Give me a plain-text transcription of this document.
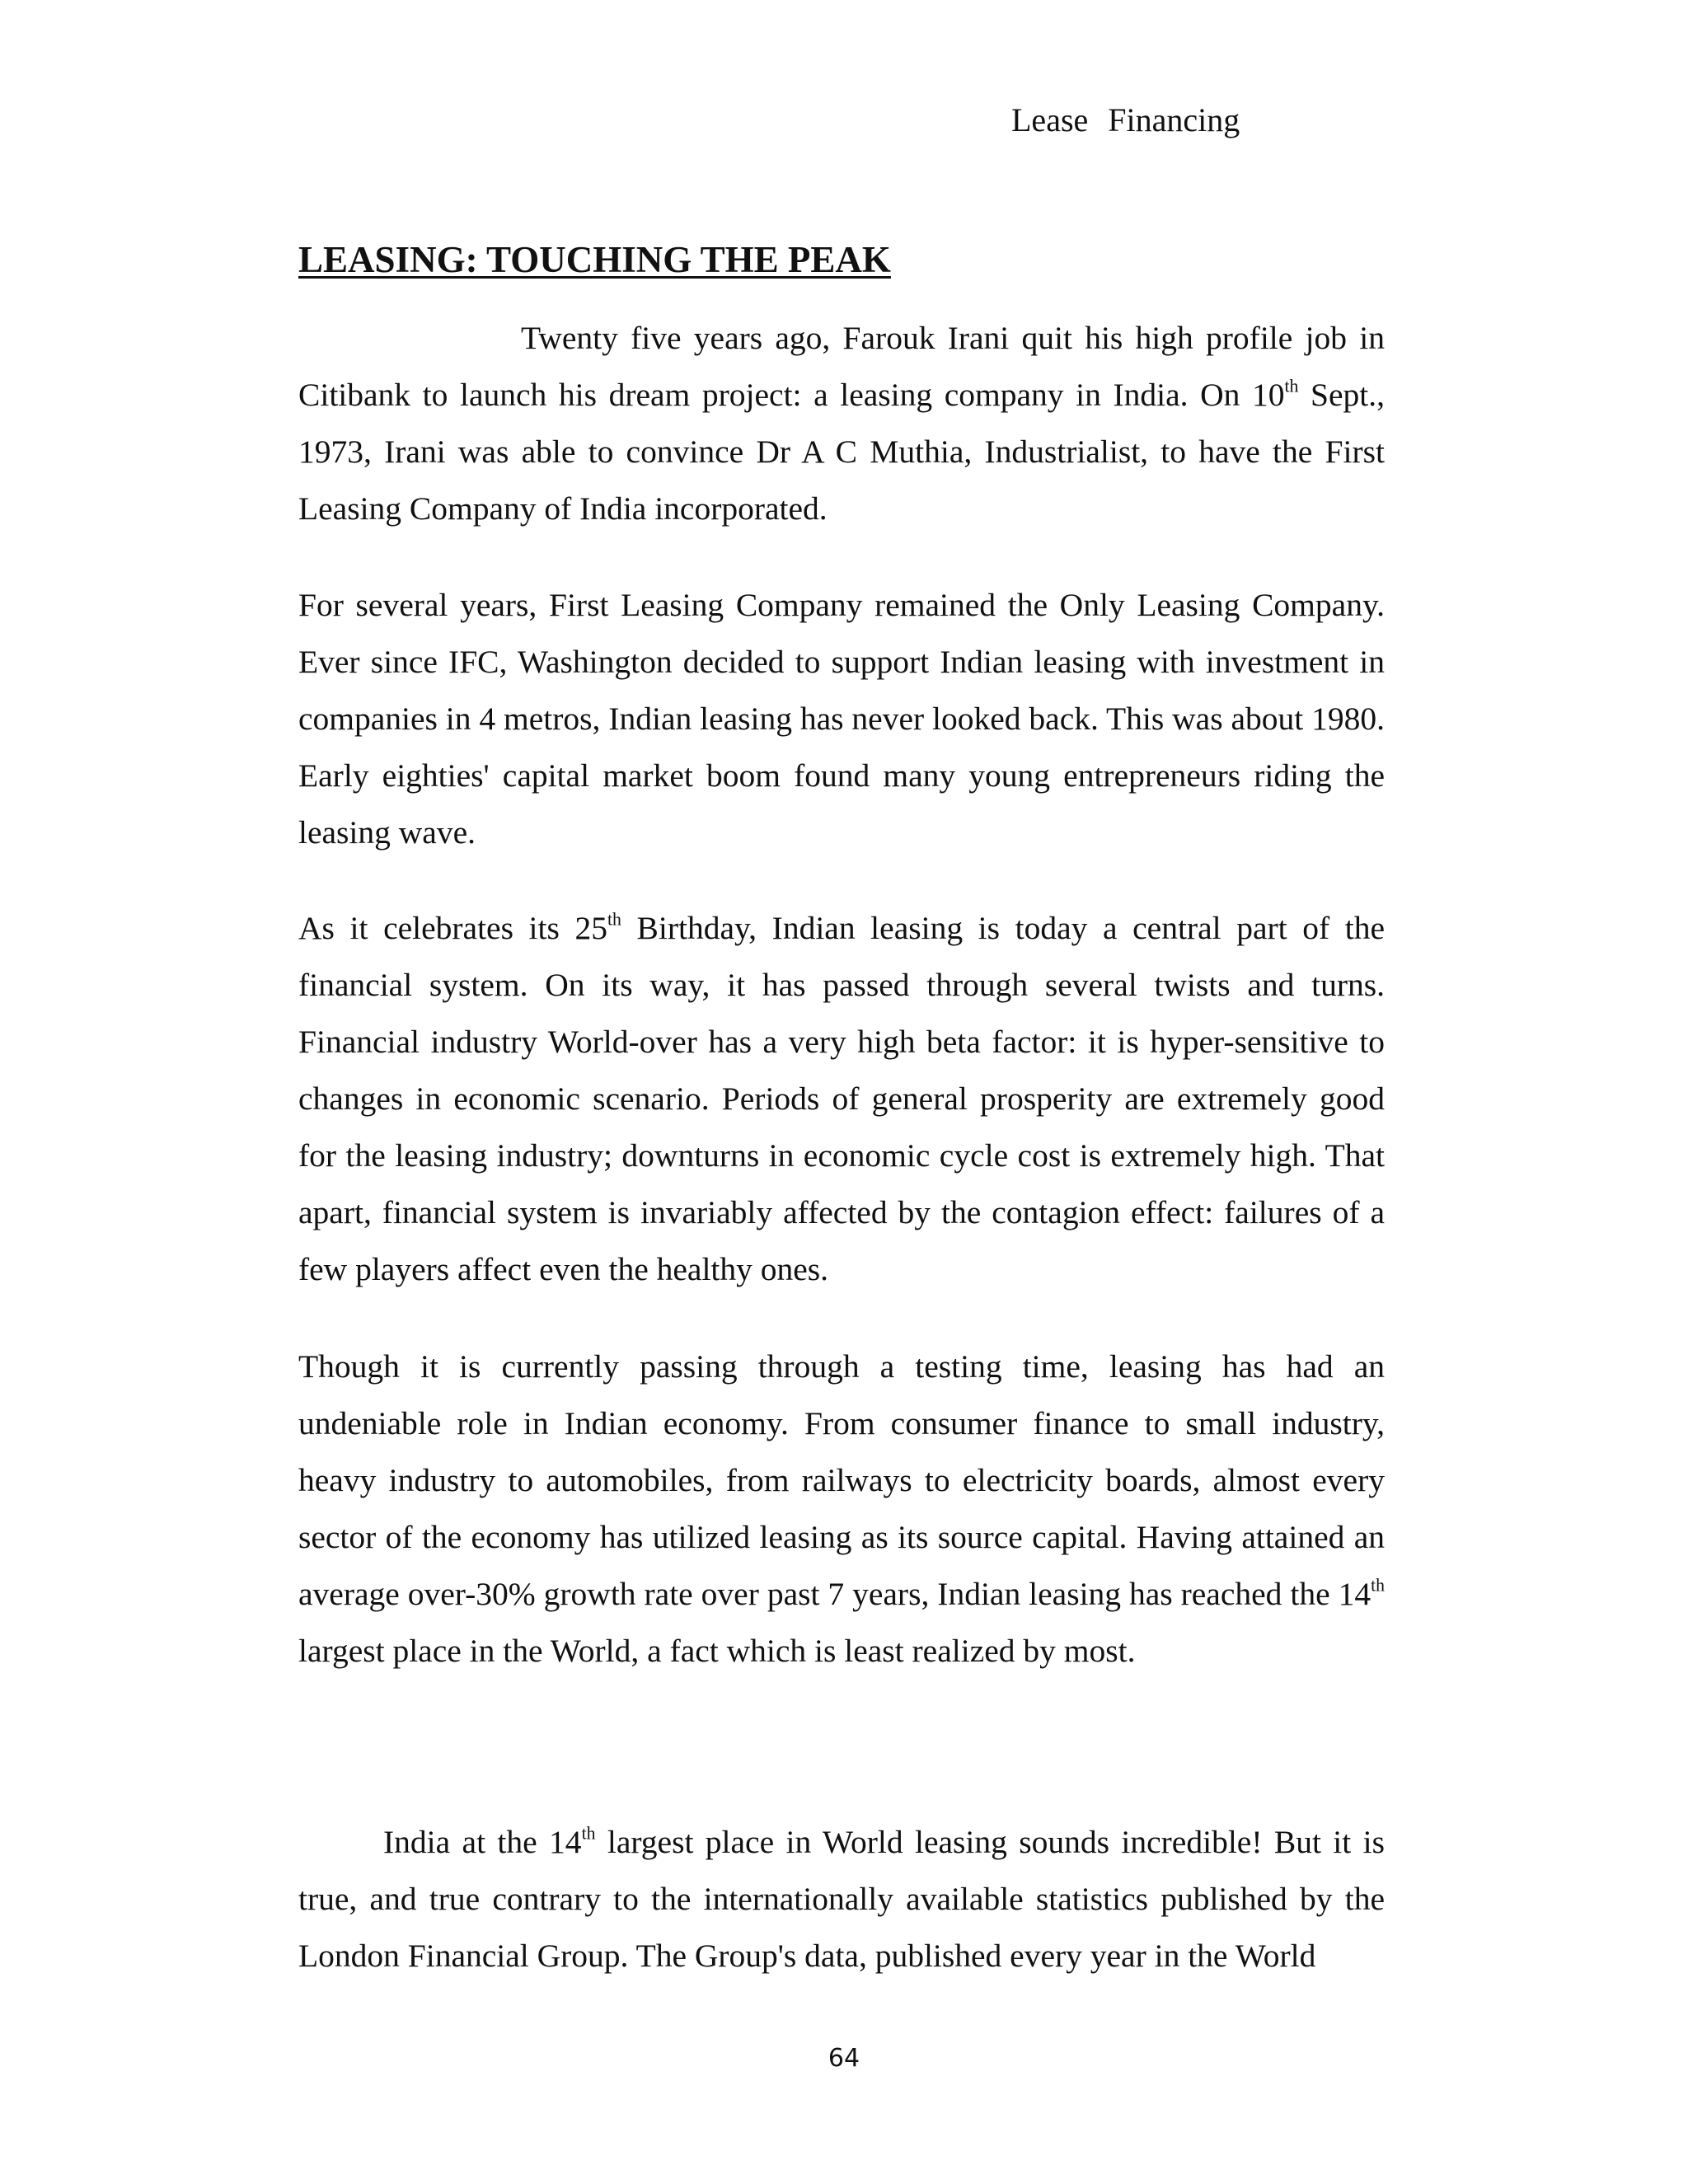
Lease Financing
LEASING: TOUCHING THE PEAK

Twenty five years ago, Farouk Irani quit his high profile job in Citibank to launch his dream project: a leasing company in India. On 10th Sept., 1973, Irani was able to convince Dr A C Muthia, Industrialist, to have the First Leasing Company of India incorporated.

For several years, First Leasing Company remained the Only Leasing Company. Ever since IFC, Washington decided to support Indian leasing with investment in companies in 4 metros, Indian leasing has never looked back. This was about 1980. Early eighties' capital market boom found many young entrepreneurs riding the leasing wave.

As it celebrates its 25th Birthday, Indian leasing is today a central part of the financial system. On its way, it has passed through several twists and turns. Financial industry World-over has a very high beta factor: it is hyper-sensitive to changes in economic scenario. Periods of general prosperity are extremely good for the leasing industry; downturns in economic cycle cost is extremely high. That apart, financial system is invariably affected by the contagion effect: failures of a few players affect even the healthy ones.

Though it is currently passing through a testing time, leasing has had an undeniable role in Indian economy. From consumer finance to small industry, heavy industry to automobiles, from railways to electricity boards, almost every sector of the economy has utilized leasing as its source capital. Having attained an average over-30% growth rate over past 7 years, Indian leasing has reached the 14th largest place in the World, a fact which is least realized by most.

India at the 14th largest place in World leasing sounds incredible! But it is true, and true contrary to the internationally available statistics published by the London Financial Group. The Group's data, published every year in the World

64
